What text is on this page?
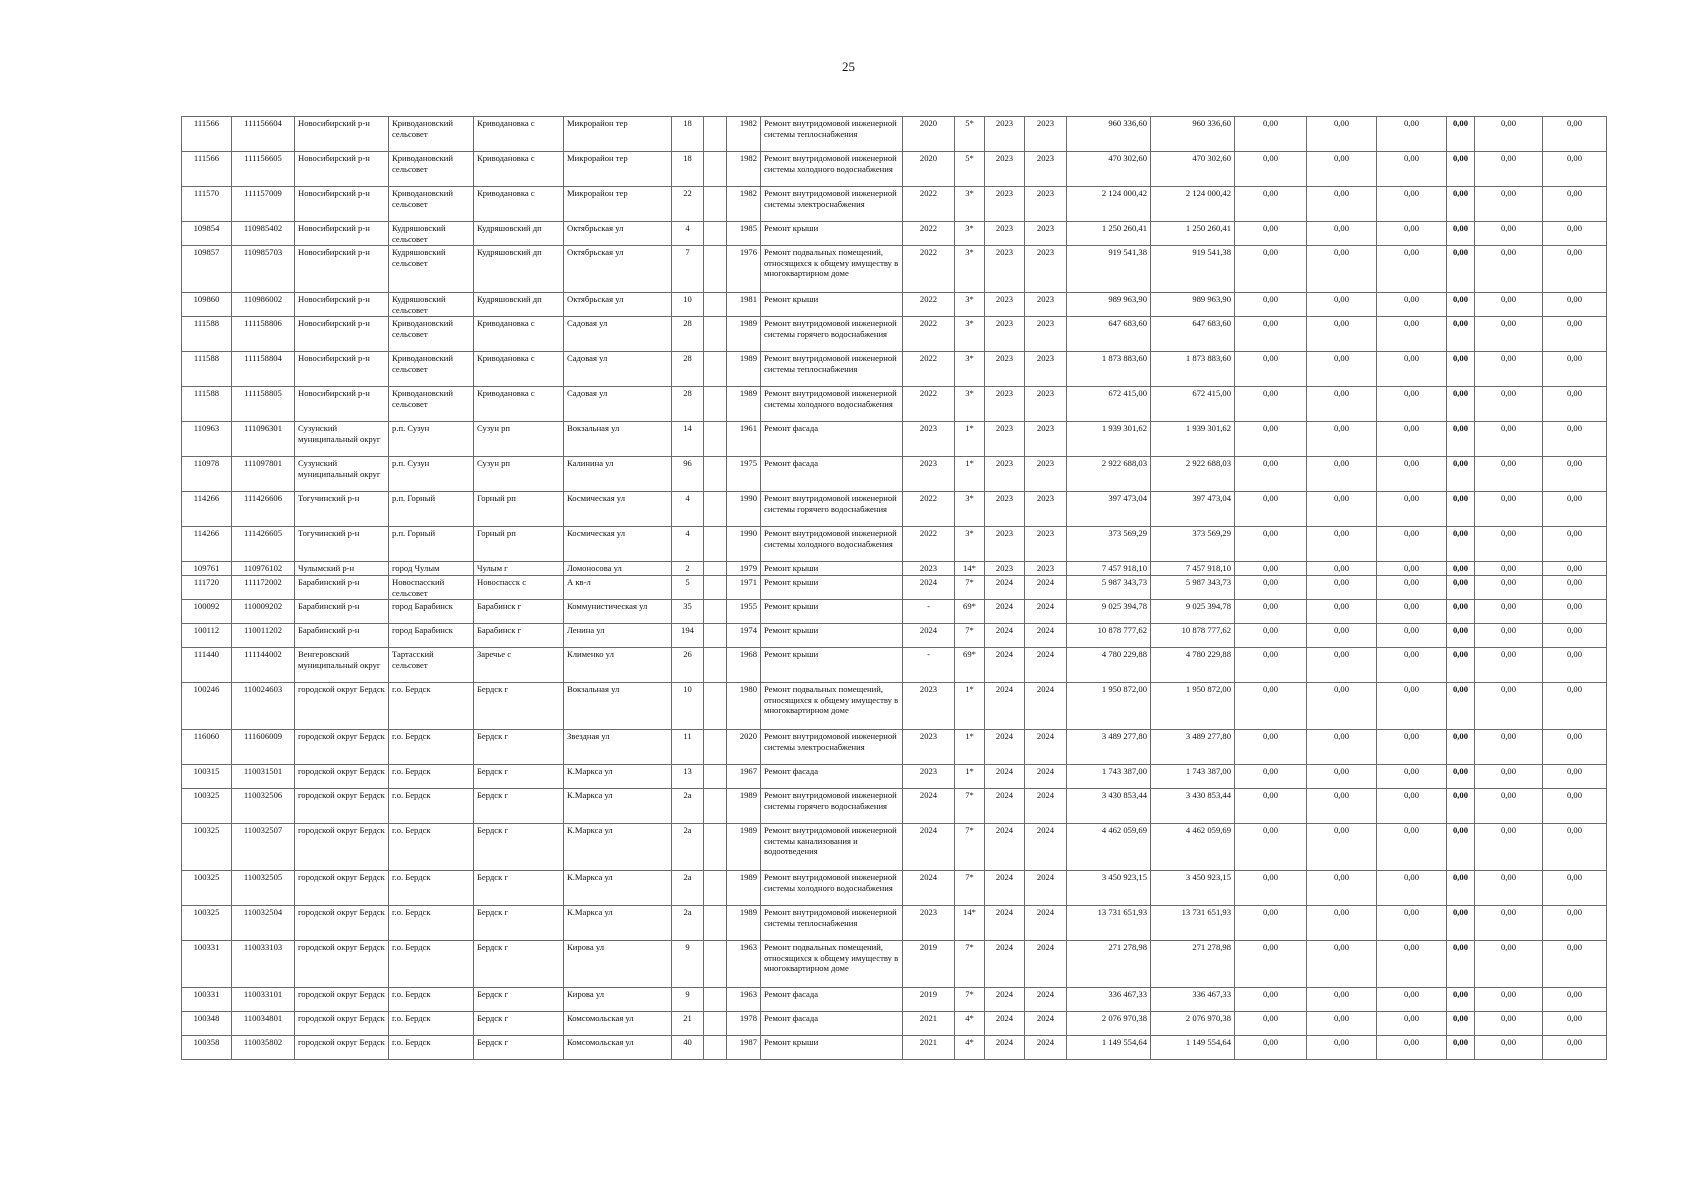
25
111566	111156604	Новосибирский р-н	Криводановский сельсовет	Криводановка с	Микрорайон тер	18		1982	Ремонт внутридомовой инженерной системы теплоснабжения	2020	5*	2023	2023	960 336,60	960 336,60	0,00	0,00	0,00	0,00	0,00	0,00
111566	111156605	Новосибирский р-н	Криводановский сельсовет	Криводановка с	Микрорайон тер	18		1982	Ремонт внутридомовой инженерной системы холодного водоснабжения	2020	5*	2023	2023	470 302,60	470 302,60	0,00	0,00	0,00	0,00	0,00	0,00
111570	111157009	Новосибирский р-н	Криводановский сельсовет	Криводановка с	Микрорайон тер	22		1982	Ремонт внутридомовой инженерной системы электроснабжения	2022	3*	2023	2023	2 124 000,42	2 124 000,42	0,00	0,00	0,00	0,00	0,00	0,00
109854	110985402	Новосибирский р-н	Кудряшовский сельсовет	Кудряшовский дп	Октябрьская ул	4		1985	Ремонт крыши	2022	3*	2023	2023	1 250 260,41	1 250 260,41	0,00	0,00	0,00	0,00	0,00	0,00
109857	110985703	Новосибирский р-н	Кудряшовский сельсовет	Кудряшовский дп	Октябрьская ул	7		1976	Ремонт подвальных помещений, относящихся к общему имуществу в многоквартирном доме	2022	3*	2023	2023	919 541,38	919 541,38	0,00	0,00	0,00	0,00	0,00	0,00
109860	110986002	Новосибирский р-н	Кудряшовский сельсовет	Кудряшовский дп	Октябрьская ул	10		1981	Ремонт крыши	2022	3*	2023	2023	989 963,90	989 963,90	0,00	0,00	0,00	0,00	0,00	0,00
111588	111158806	Новосибирский р-н	Криводановский сельсовет	Криводановка с	Садовая ул	28		1989	Ремонт внутридомовой инженерной системы горячего водоснабжения	2022	3*	2023	2023	647 683,60	647 683,60	0,00	0,00	0,00	0,00	0,00	0,00
111588	111158804	Новосибирский р-н	Криводановский сельсовет	Криводановка с	Садовая ул	28		1989	Ремонт внутридомовой инженерной системы теплоснабжения	2022	3*	2023	2023	1 873 883,60	1 873 883,60	0,00	0,00	0,00	0,00	0,00	0,00
111588	111158805	Новосибирский р-н	Криводановский сельсовет	Криводановка с	Садовая ул	28		1989	Ремонт внутридомовой инженерной системы холодного водоснабжения	2022	3*	2023	2023	672 415,00	672 415,00	0,00	0,00	0,00	0,00	0,00	0,00
110963	111096301	Сузунский муниципальный округ	р.п. Сузун	Сузун рп	Вокзальная ул	14		1961	Ремонт фасада	2023	1*	2023	2023	1 939 301,62	1 939 301,62	0,00	0,00	0,00	0,00	0,00	0,00
110978	111097801	Сузунский муниципальный округ	р.п. Сузун	Сузун рп	Калинина ул	96		1975	Ремонт фасада	2023	1*	2023	2023	2 922 688,03	2 922 688,03	0,00	0,00	0,00	0,00	0,00	0,00
114266	111426606	Тогучинский р-н	р.п. Горный	Горный рп	Космическая ул	4		1990	Ремонт внутридомовой инженерной системы горячего водоснабжения	2022	3*	2023	2023	397 473,04	397 473,04	0,00	0,00	0,00	0,00	0,00	0,00
114266	111426605	Тогучинский р-н	р.п. Горный	Горный рп	Космическая ул	4		1990	Ремонт внутридомовой инженерной системы холодного водоснабжения	2022	3*	2023	2023	373 569,29	373 569,29	0,00	0,00	0,00	0,00	0,00	0,00
109761	110976102	Чулымский р-н	город Чулым	Чулым г	Ломоносова ул	2		1979	Ремонт крыши	2023	14*	2023	2023	7 457 918,10	7 457 918,10	0,00	0,00	0,00	0,00	0,00	0,00
111720	111172002	Барабинский р-н	Новоспасский сельсовет	Новоспасск с	А кв-л	5		1971	Ремонт крыши	2024	7*	2024	2024	5 987 343,73	5 987 343,73	0,00	0,00	0,00	0,00	0,00	0,00
100092	110009202	Барабинский р-н	город Барабинск	Барабинск г	Коммунистическая ул	35		1955	Ремонт крыши	-	69*	2024	2024	9 025 394,78	9 025 394,78	0,00	0,00	0,00	0,00	0,00	0,00
100112	110011202	Барабинский р-н	город Барабинск	Барабинск г	Ленина ул	194		1974	Ремонт крыши	2024	7*	2024	2024	10 878 777,62	10 878 777,62	0,00	0,00	0,00	0,00	0,00	0,00
111440	111144002	Венгеровский муниципальный округ	Тартасский сельсовет	Заречье с	Клименко ул	26		1968	Ремонт крыши	-	69*	2024	2024	4 780 229,88	4 780 229,88	0,00	0,00	0,00	0,00	0,00	0,00
100246	110024603	городской округ Бердск	г.о. Бердск	Бердск г	Вокзальная ул	10		1980	Ремонт подвальных помещений, относящихся к общему имуществу в многоквартирном доме	2023	1*	2024	2024	1 950 872,00	1 950 872,00	0,00	0,00	0,00	0,00	0,00	0,00
116060	111606009	городской округ Бердск	г.о. Бердск	Бердск г	Звездная ул	11		2020	Ремонт внутридомовой инженерной системы электроснабжения	2023	1*	2024	2024	3 489 277,80	3 489 277,80	0,00	0,00	0,00	0,00	0,00	0,00
100315	110031501	городской округ Бердск	г.о. Бердск	Бердск г	К.Маркса ул	13		1967	Ремонт фасада	2023	1*	2024	2024	1 743 387,00	1 743 387,00	0,00	0,00	0,00	0,00	0,00	0,00
100325	110032506	городской округ Бердск	г.о. Бердск	Бердск г	К.Маркса ул	2а		1989	Ремонт внутридомовой инженерной системы горячего водоснабжения	2024	7*	2024	2024	3 430 853,44	3 430 853,44	0,00	0,00	0,00	0,00	0,00	0,00
100325	110032507	городской округ Бердск	г.о. Бердск	Бердск г	К.Маркса ул	2а		1989	Ремонт внутридомовой инженерной системы канализования и водоотведения	2024	7*	2024	2024	4 462 059,69	4 462 059,69	0,00	0,00	0,00	0,00	0,00	0,00
100325	110032505	городской округ Бердск	г.о. Бердск	Бердск г	К.Маркса ул	2а		1989	Ремонт внутридомовой инженерной системы холодного водоснабжения	2024	7*	2024	2024	3 450 923,15	3 450 923,15	0,00	0,00	0,00	0,00	0,00	0,00
100325	110032504	городской округ Бердск	г.о. Бердск	Бердск г	К.Маркса ул	2а		1989	Ремонт внутридомовой инженерной системы теплоснабжения	2023	14*	2024	2024	13 731 651,93	13 731 651,93	0,00	0,00	0,00	0,00	0,00	0,00
100331	110033103	городской округ Бердск	г.о. Бердск	Бердск г	Кирова ул	9		1963	Ремонт подвальных помещений, относящихся к общему имуществу в многоквартирном доме	2019	7*	2024	2024	271 278,98	271 278,98	0,00	0,00	0,00	0,00	0,00	0,00
100331	110033101	городской округ Бердск	г.о. Бердск	Бердск г	Кирова ул	9		1963	Ремонт фасада	2019	7*	2024	2024	336 467,33	336 467,33	0,00	0,00	0,00	0,00	0,00	0,00
100348	110034801	городской округ Бердск	г.о. Бердск	Бердск г	Комсомольская ул	21		1978	Ремонт фасада	2021	4*	2024	2024	2 076 970,38	2 076 970,38	0,00	0,00	0,00	0,00	0,00	0,00
100358	110035802	городской округ Бердск	г.о. Бердск	Бердск г	Комсомольская ул	40		1987	Ремонт крыши	2021	4*	2024	2024	1 149 554,64	1 149 554,64	0,00	0,00	0,00	0,00	0,00	0,00
